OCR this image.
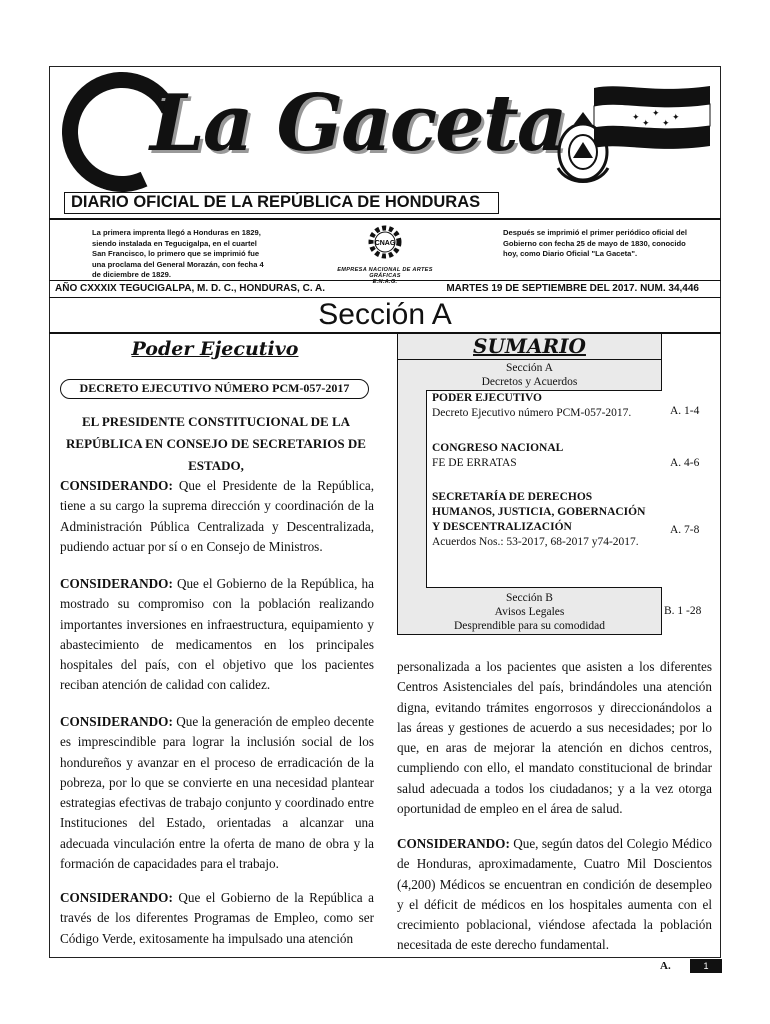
La Gaceta	✦ ✦ ✦
✦ ✦
DIARIO OFICIAL DE LA REPÚBLICA DE HONDURAS
La primera imprenta llegó a Honduras en 1829, siendo instalada en Tegucigalpa, en el cuartel San Francisco, lo primero que se imprimió fue una proclama del General Morazán, con fecha 4 de diciembre de 1829.
CNAG
EMPRESA NACIONAL DE ARTES GRÁFICAS
E.N.A.G.
Después se imprimió el primer periódico oficial del Gobierno con fecha 25 de mayo de 1830, conocido hoy, como Diario Oficial "La Gaceta".
AÑO CXXXIX TEGUCIGALPA, M. D. C., HONDURAS, C. A.	MARTES 19 DE SEPTIEMBRE DEL 2017. NUM. 34,446
Sección A
Poder Ejecutivo
DECRETO EJECUTIVO NÚMERO PCM-057-2017
EL PRESIDENTE CONSTITUCIONAL DE LA REPÚBLICA EN CONSEJO DE SECRETARIOS DE ESTADO,
CONSIDERANDO: Que el Presidente de la República, tiene a su cargo la suprema dirección y coordinación de la Administración Pública Centralizada y Descentralizada, pudiendo actuar por sí o en Consejo de Ministros.
CONSIDERANDO: Que el Gobierno de la República, ha mostrado su compromiso con la población realizando importantes inversiones en infraestructura, equipamiento y abastecimiento de medicamentos en los principales hospitales del país, con el objetivo que los pacientes reciban atención de calidad con calidez.
CONSIDERANDO: Que la generación de empleo decente es imprescindible para lograr la inclusión social de los hondureños y avanzar en el proceso de erradicación de la pobreza, por lo que se convierte en una necesidad plantear estrategias efectivas de trabajo conjunto y coordinado entre Instituciones del Estado, orientadas a alcanzar una adecuada vinculación entre la oferta de mano de obra y la formación de capacidades para el trabajo.
CONSIDERANDO: Que el Gobierno de la República a través de los diferentes Programas de Empleo, como ser Código Verde, exitosamente ha impulsado una atención
SUMARIO
Sección A
Decretos y Acuerdos
PODER EJECUTIVO
Decreto Ejecutivo número PCM-057-2017.	A. 1-4
CONGRESO NACIONAL
FE DE ERRATAS	A. 4-6
SECRETARÍA DE DERECHOS HUMANOS, JUSTICIA, GOBERNACIÓN Y DESCENTRALIZACIÓN
Acuerdos Nos.: 53-2017, 68-2017 y74-2017.
A. 7-8
Sección B
Avisos Legales	B. 1 -28
Desprendible para su comodidad
personalizada a los pacientes que asisten a los diferentes Centros Asistenciales del país, brindándoles una atención digna, evitando trámites engorrosos y direccionándolos a las áreas y gestiones de acuerdo a sus necesidades; por lo que, en aras de mejorar la atención en dichos centros, cumpliendo con ello, el mandato constitucional de brindar salud adecuada a todos los ciudadanos; y a la vez otorga oportunidad de empleo en el área de salud.
CONSIDERANDO: Que, según datos del Colegio Médico de Honduras, aproximadamente, Cuatro Mil Doscientos (4,200) Médicos se encuentran en condición de desempleo y el déficit de médicos en los hospitales aumenta con el crecimiento poblacional, viéndose afectada la población necesitada de este derecho fundamental.
A.	1
